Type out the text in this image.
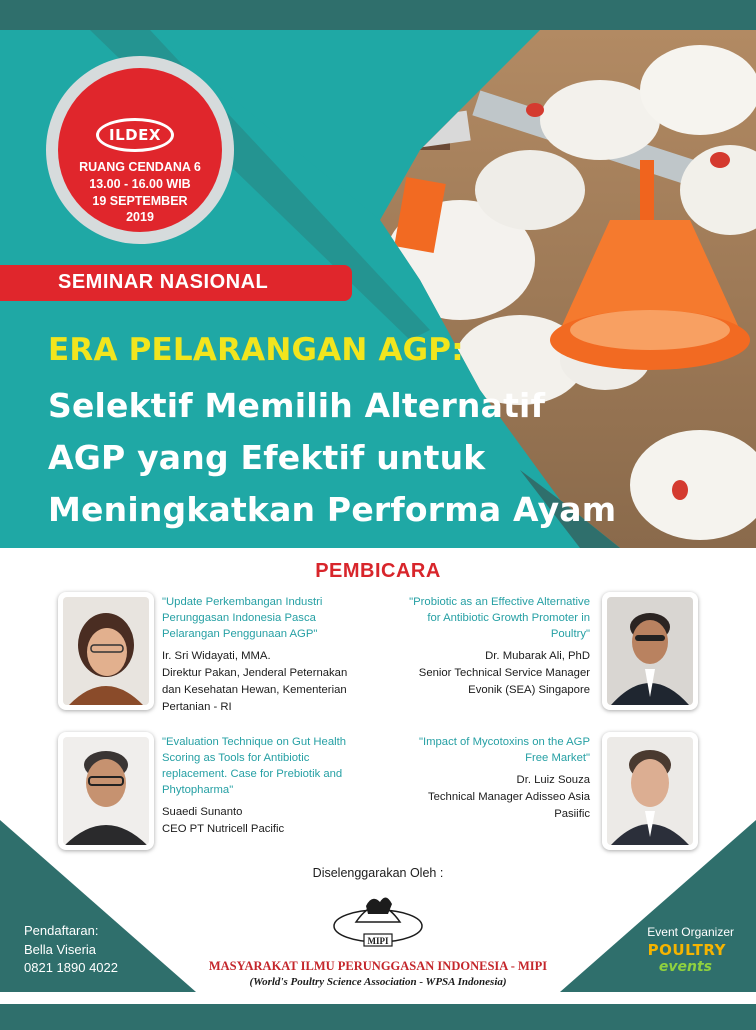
ILDEX
RUANG CENDANA 6
13.00 - 16.00 WIB
19 SEPTEMBER
2019
SEMINAR NASIONAL
ERA PELARANGAN AGP:
Selektif Memilih Alternatif
AGP yang Efektif untuk
Meningkatkan Performa Ayam
PEMBICARA
"Update Perkembangan Industri
Perunggasan Indonesia Pasca
Pelarangan Penggunaan AGP"
Ir. Sri Widayati, MMA.
Direktur Pakan, Jenderal Peternakan
dan Kesehatan Hewan, Kementerian
Pertanian - RI
"Probiotic as an Effective Alternative
for Antibiotic Growth Promoter in
Poultry"
Dr. Mubarak Ali, PhD
Senior Technical Service Manager
Evonik (SEA) Singapore
"Evaluation Technique on Gut Health
Scoring as Tools for Antibiotic
replacement. Case for Prebiotik and
Phytopharma"
Suaedi Sunanto
CEO PT Nutricell Pacific
"Impact of Mycotoxins on the AGP
Free Market"
Dr. Luiz Souza
Technical Manager Adisseo Asia
Pasiific
Pendaftaran:
Bella Viseria
0821 1890 4022
Diselenggarakan Oleh :
MIPI
MASYARAKAT ILMU PERUNGGASAN INDONESIA - MIPI
(World's Poultry Science Association - WPSA Indonesia)
Event Organizer
POULTRY
events
